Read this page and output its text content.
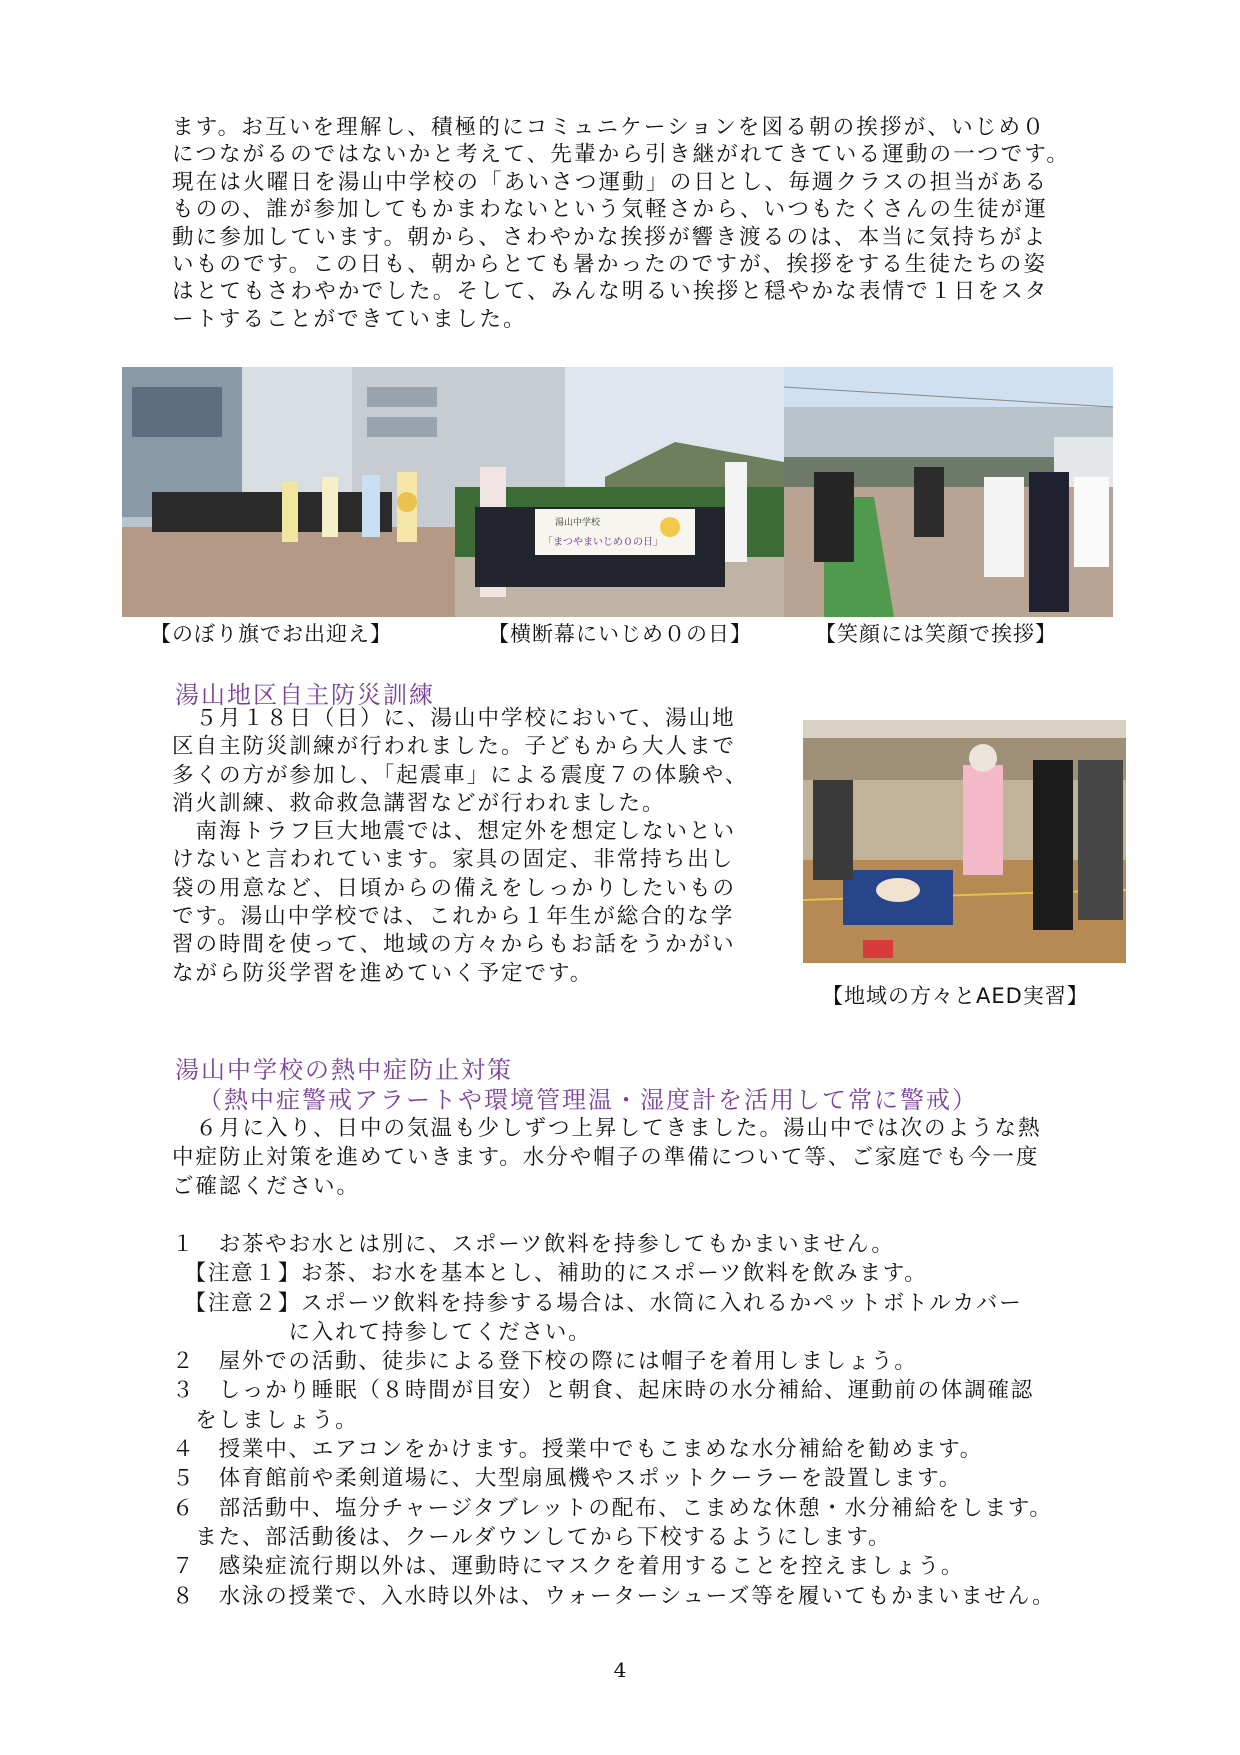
ます。お互いを理解し、積極的にコミュニケーションを図る朝の挨拶が、いじめ０
につながるのではないかと考えて、先輩から引き継がれてきている運動の一つです。
現在は火曜日を湯山中学校の「あいさつ運動」の日とし、毎週クラスの担当がある
ものの、誰が参加してもかまわないという気軽さから、いつもたくさんの生徒が運
動に参加しています。朝から、さわやかな挨拶が響き渡るのは、本当に気持ちがよ
いものです。この日も、朝からとても暑かったのですが、挨拶をする生徒たちの姿
はとてもさわやかでした。そして、みんな明るい挨拶と穏やかな表情で１日をスタ
ートすることができていました。
湯山中学校
「まつやまいじめ０の日」
【のぼり旗でお出迎え】	【横断幕にいじめ０の日】	【笑顔には笑顔で挨拶】
湯山地区自主防災訓練
　５月１８日（日）に、湯山中学校において、湯山地
区自主防災訓練が行われました。子どもから大人まで
多くの方が参加し、「起震車」による震度７の体験や、
消火訓練、救命救急講習などが行われました。
　南海トラフ巨大地震では、想定外を想定しないとい
けないと言われています。家具の固定、非常持ち出し
袋の用意など、日頃からの備えをしっかりしたいもの
です。湯山中学校では、これから１年生が総合的な学
習の時間を使って、地域の方々からもお話をうかがい
ながら防災学習を進めていく予定です。
【地域の方々とAED実習】
湯山中学校の熱中症防止対策
（熱中症警戒アラートや環境管理温・湿度計を活用して常に警戒）
　６月に入り、日中の気温も少しずつ上昇してきました。湯山中では次のような熱
中症防止対策を進めていきます。水分や帽子の準備について等、ご家庭でも今一度
ご確認ください。
１　お茶やお水とは別に、スポーツ飲料を持参してもかまいません。
　【注意１】お茶、お水を基本とし、補助的にスポーツ飲料を飲みます。
　【注意２】スポーツ飲料を持参する場合は、水筒に入れるかペットボトルカバー
　　　　　に入れて持参してください。
２　屋外での活動、徒歩による登下校の際には帽子を着用しましょう。
３　しっかり睡眠（８時間が目安）と朝食、起床時の水分補給、運動前の体調確認
　をしましょう。
４　授業中、エアコンをかけます。授業中でもこまめな水分補給を勧めます。
５　体育館前や柔剣道場に、大型扇風機やスポットクーラーを設置します。
６　部活動中、塩分チャージタブレットの配布、こまめな休憩・水分補給をします。
　また、部活動後は、クールダウンしてから下校するようにします。
７　感染症流行期以外は、運動時にマスクを着用することを控えましょう。
８　水泳の授業で、入水時以外は、ウォーターシューズ等を履いてもかまいません。
4
